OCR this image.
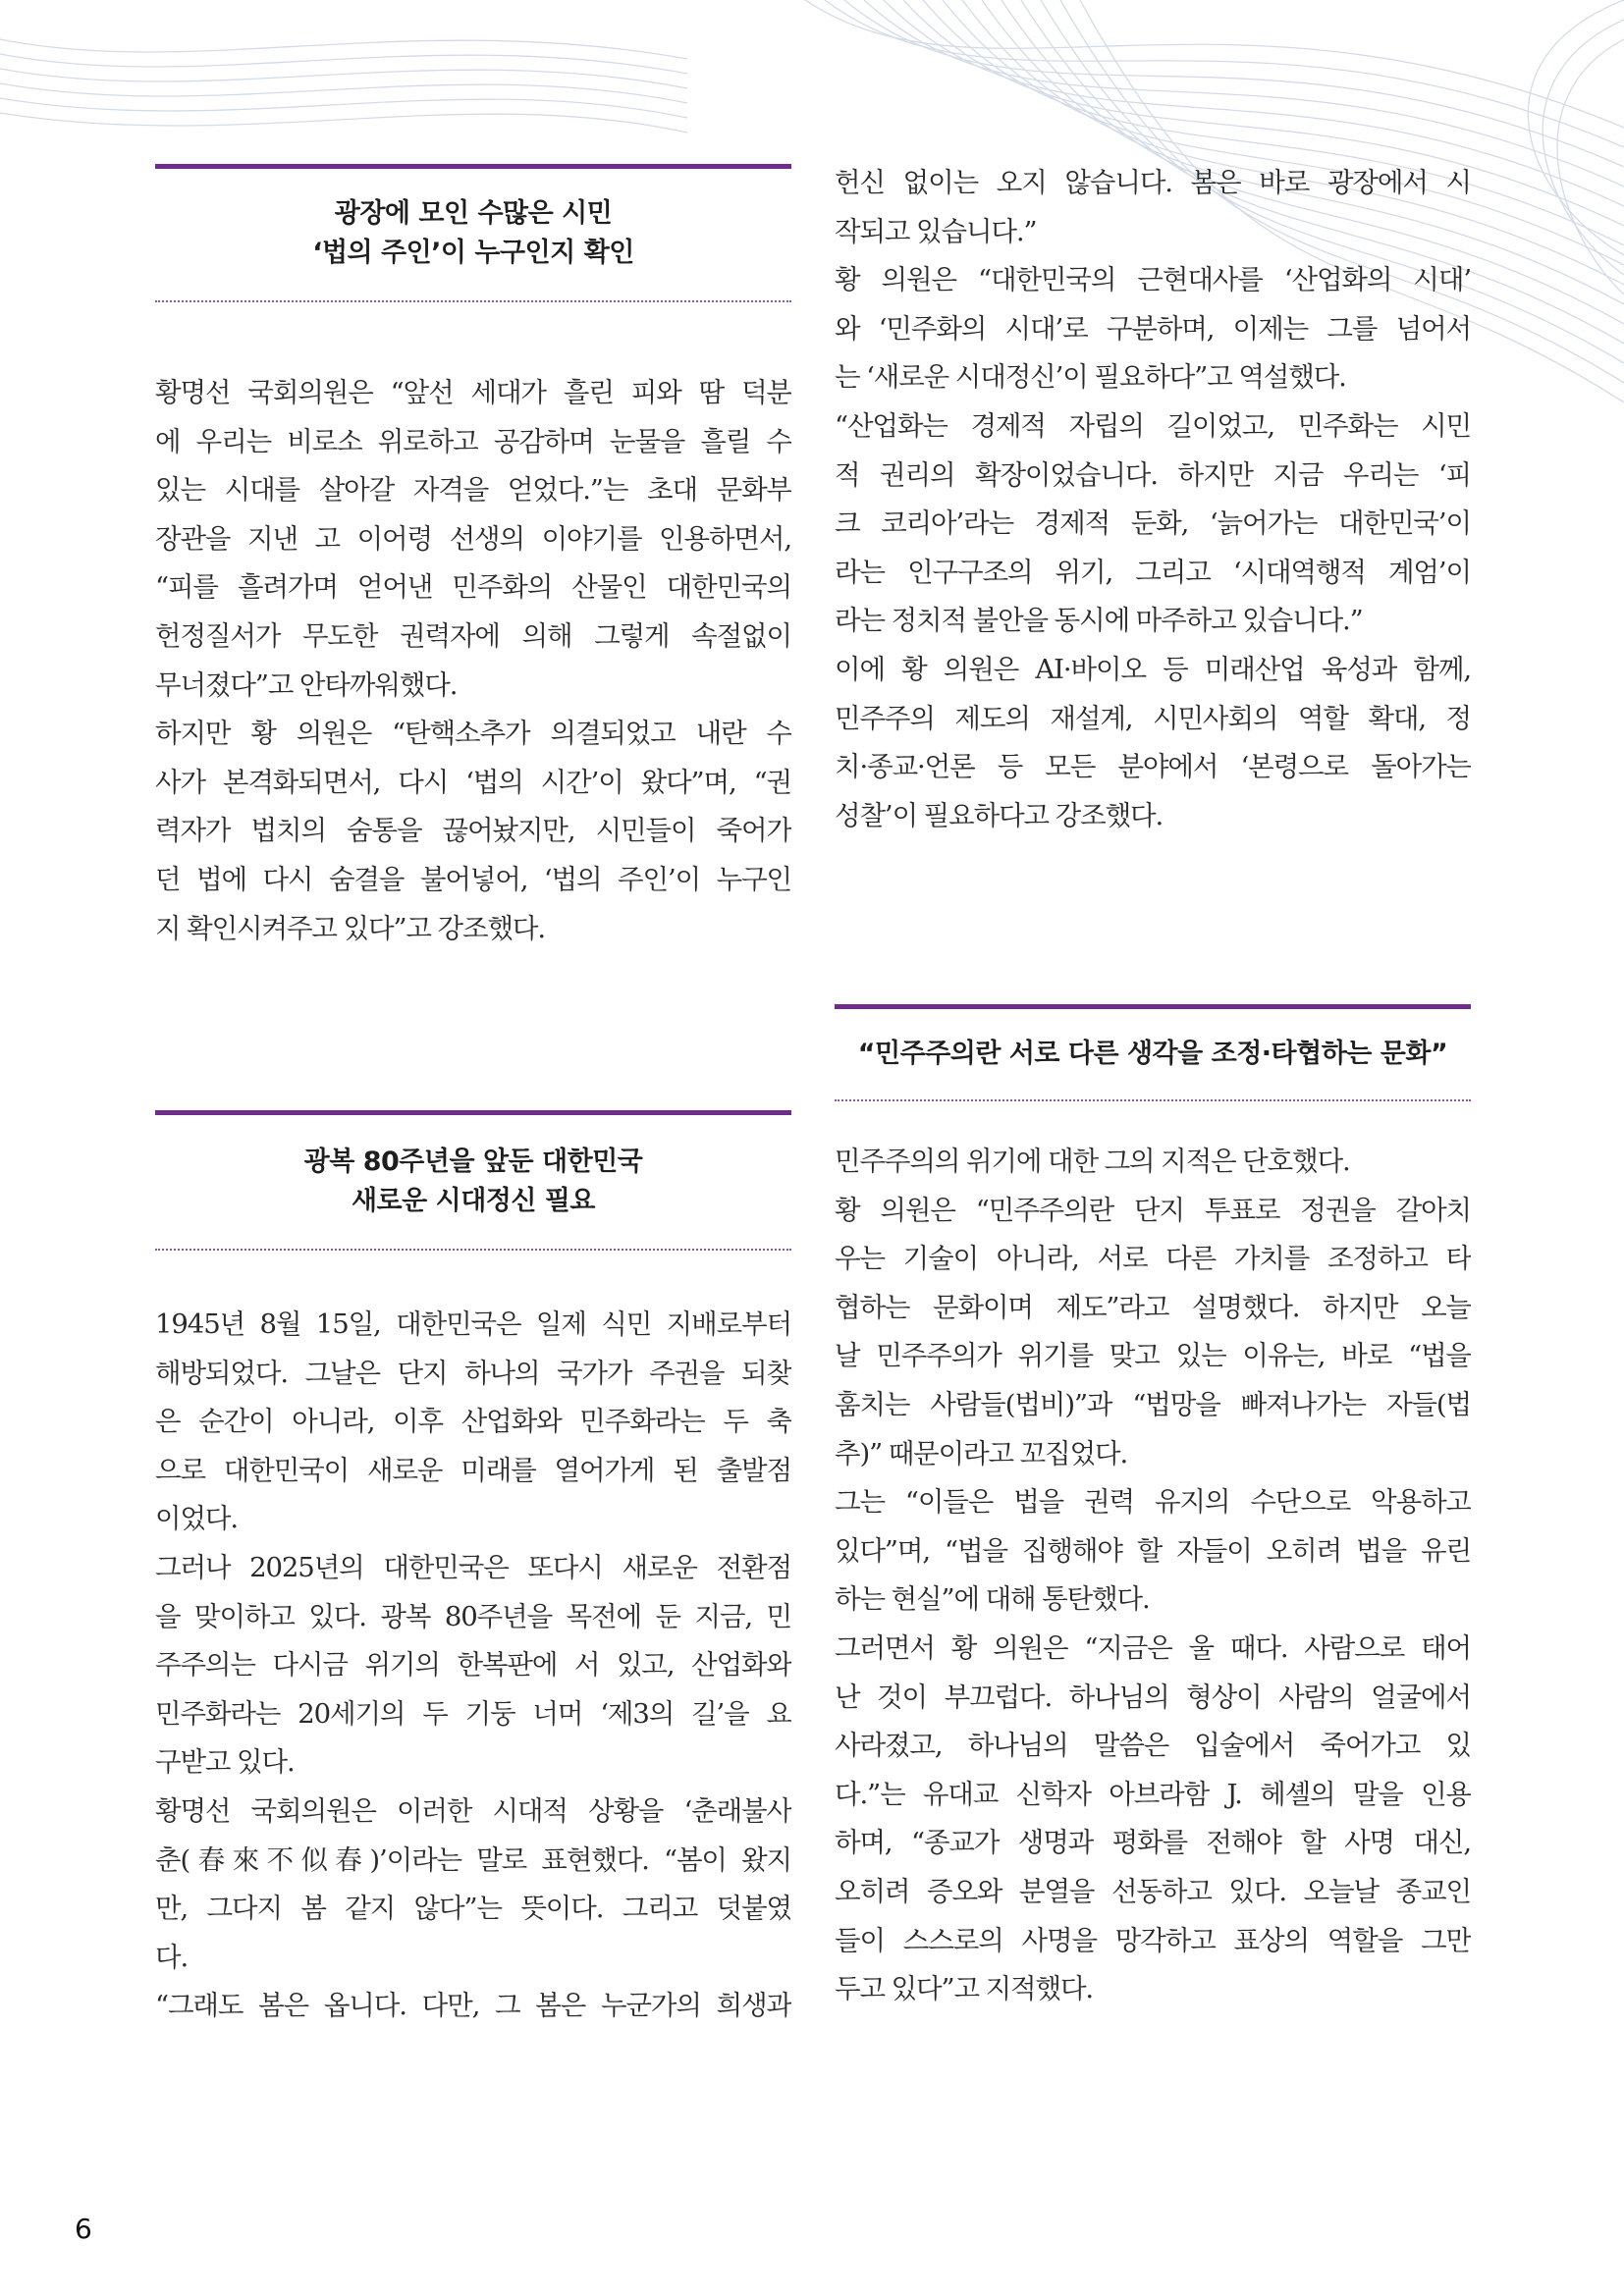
광장에 모인 수많은 시민
‘법의 주인’이 누구인지 확인
황명선 국회의원은 “앞선 세대가 흘린 피와 땀 덕분
에 우리는 비로소 위로하고 공감하며 눈물을 흘릴 수
있는 시대를 살아갈 자격을 얻었다.”는 초대 문화부
장관을 지낸 고 이어령 선생의 이야기를 인용하면서,
“피를 흘려가며 얻어낸 민주화의 산물인 대한민국의
헌정질서가 무도한 권력자에 의해 그렇게 속절없이
무너졌다”고 안타까워했다.
하지만 황 의원은 “탄핵소추가 의결되었고 내란 수
사가 본격화되면서, 다시 ‘법의 시간’이 왔다”며, “권
력자가 법치의 숨통을 끊어놨지만, 시민들이 죽어가
던 법에 다시 숨결을 불어넣어, ‘법의 주인’이 누구인
지 확인시켜주고 있다”고 강조했다.
광복 80주년을 앞둔 대한민국
새로운 시대정신 필요
1945년 8월 15일, 대한민국은 일제 식민 지배로부터
해방되었다. 그날은 단지 하나의 국가가 주권을 되찾
은 순간이 아니라, 이후 산업화와 민주화라는 두 축
으로 대한민국이 새로운 미래를 열어가게 된 출발점
이었다.
그러나 2025년의 대한민국은 또다시 새로운 전환점
을 맞이하고 있다. 광복 80주년을 목전에 둔 지금, 민
주주의는 다시금 위기의 한복판에 서 있고, 산업화와
민주화라는 20세기의 두 기둥 너머 ‘제3의 길’을 요
구받고 있다.
황명선 국회의원은 이러한 시대적 상황을 ‘춘래불사
춘(春來不似春)’이라는 말로 표현했다. “봄이 왔지
만, 그다지 봄 같지 않다”는 뜻이다. 그리고 덧붙였
다.
“그래도 봄은 옵니다. 다만, 그 봄은 누군가의 희생과
헌신 없이는 오지 않습니다. 봄은 바로 광장에서 시
작되고 있습니다.”
황 의원은 “대한민국의 근현대사를 ‘산업화의 시대’
와 ‘민주화의 시대’로 구분하며, 이제는 그를 넘어서
는 ‘새로운 시대정신’이 필요하다”고 역설했다.
“산업화는 경제적 자립의 길이었고, 민주화는 시민
적 권리의 확장이었습니다. 하지만 지금 우리는 ‘피
크 코리아’라는 경제적 둔화, ‘늙어가는 대한민국’이
라는 인구구조의 위기, 그리고 ‘시대역행적 계엄’이
라는 정치적 불안을 동시에 마주하고 있습니다.”
이에 황 의원은 AI·바이오 등 미래산업 육성과 함께,
민주주의 제도의 재설계, 시민사회의 역할 확대, 정
치·종교·언론 등 모든 분야에서 ‘본령으로 돌아가는
성찰’이 필요하다고 강조했다.
“민주주의란 서로 다른 생각을 조정·타협하는 문화”
민주주의의 위기에 대한 그의 지적은 단호했다.
황 의원은 “민주주의란 단지 투표로 정권을 갈아치
우는 기술이 아니라, 서로 다른 가치를 조정하고 타
협하는 문화이며 제도”라고 설명했다. 하지만 오늘
날 민주주의가 위기를 맞고 있는 이유는, 바로 “법을
훔치는 사람들(법비)”과 “법망을 빠져나가는 자들(법
추)” 때문이라고 꼬집었다.
그는 “이들은 법을 권력 유지의 수단으로 악용하고
있다”며, “법을 집행해야 할 자들이 오히려 법을 유린
하는 현실”에 대해 통탄했다.
그러면서 황 의원은 “지금은 울 때다. 사람으로 태어
난 것이 부끄럽다. 하나님의 형상이 사람의 얼굴에서
사라졌고, 하나님의 말씀은 입술에서 죽어가고 있
다.”는 유대교 신학자 아브라함 J. 헤셸의 말을 인용
하며, “종교가 생명과 평화를 전해야 할 사명 대신,
오히려 증오와 분열을 선동하고 있다. 오늘날 종교인
들이 스스로의 사명을 망각하고 표상의 역할을 그만
두고 있다”고 지적했다.
6
